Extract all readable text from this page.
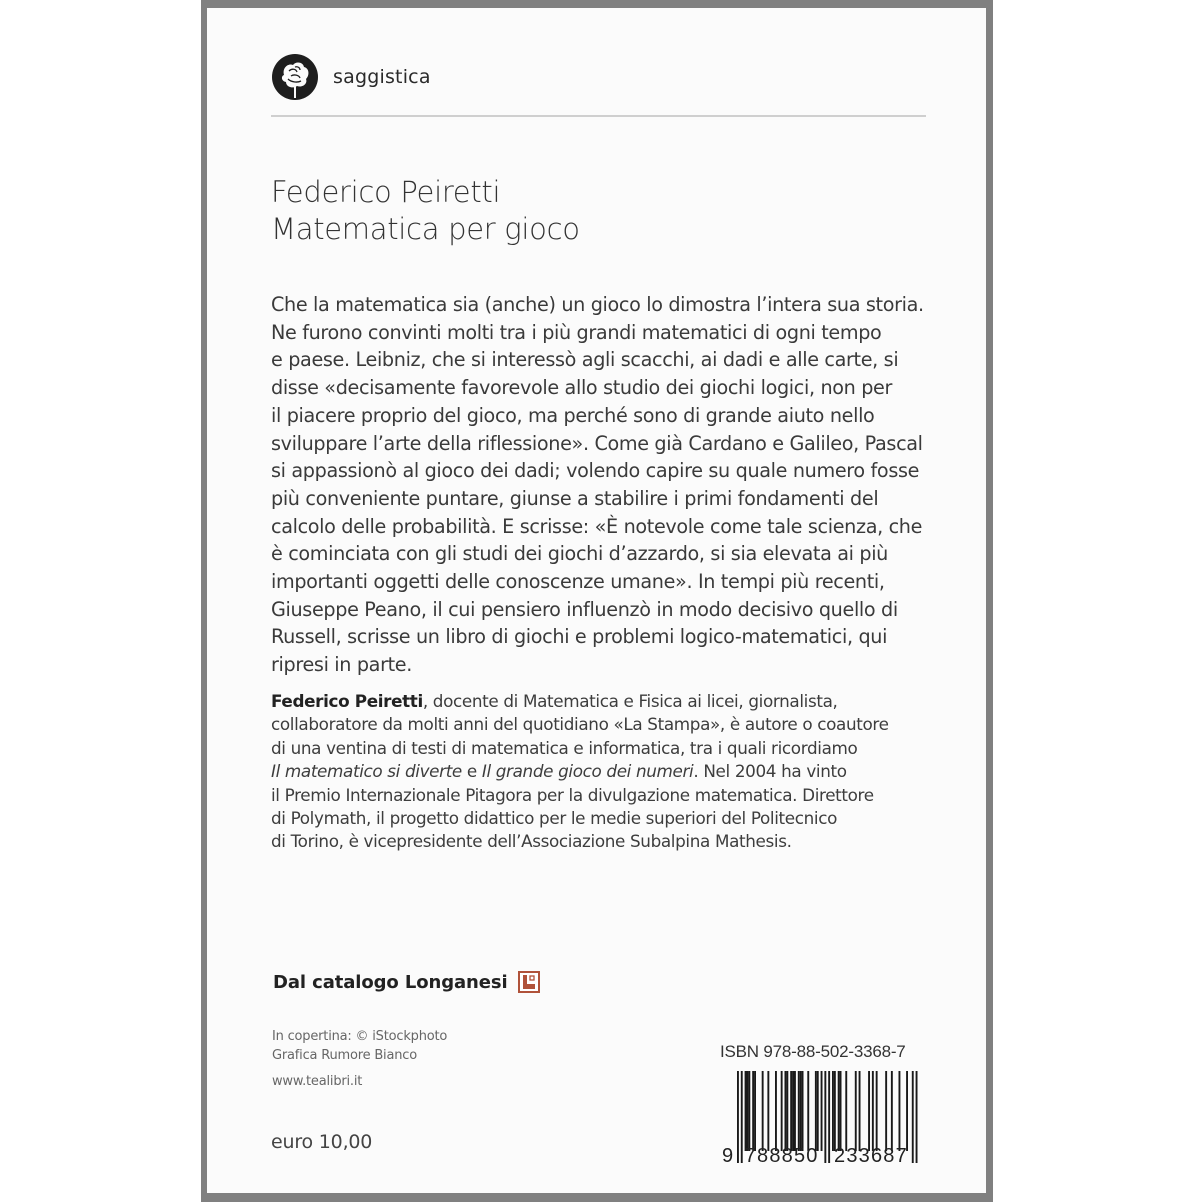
saggistica
Federico Peiretti
Matematica per gioco

Che la matematica sia (anche) un gioco lo dimostra l’intera sua storia.

Ne furono convinti molti tra i più grandi matematici di ogni tempo

e paese. Leibniz, che si interessò agli scacchi, ai dadi e alle carte, si

disse «decisamente favorevole allo studio dei giochi logici, non per

il piacere proprio del gioco, ma perché sono di grande aiuto nello

sviluppare l’arte della riflessione». Come già Cardano e Galileo, Pascal

si appassionò al gioco dei dadi; volendo capire su quale numero fosse

più conveniente puntare, giunse a stabilire i primi fondamenti del

calcolo delle probabilità. E scrisse: «È notevole come tale scienza, che

è cominciata con gli studi dei giochi d’azzardo, si sia elevata ai più

importanti oggetti delle conoscenze umane». In tempi più recenti,

Giuseppe Peano, il cui pensiero influenzò in modo decisivo quello di

Russell, scrisse un libro di giochi e problemi logico-matematici, qui

ripresi in parte.

Federico Peiretti, docente di Matematica e Fisica ai licei, giornalista,

collaboratore da molti anni del quotidiano «La Stampa», è autore o coautore

di una ventina di testi di matematica e informatica, tra i quali ricordiamo

Il matematico si diverte e Il grande gioco dei numeri. Nel 2004 ha vinto

il Premio Internazionale Pitagora per la divulgazione matematica. Direttore

di Polymath, il progetto didattico per le medie superiori del Politecnico

di Torino, è vicepresidente dell’Associazione Subalpina Mathesis.

Dal catalogo Longanesi
In copertina: © iStockphoto
Grafica Rumore Bianco
www.tealibri.it
euro 10,00
ISBN 978-88-502-3368-7
9 788850 233687
